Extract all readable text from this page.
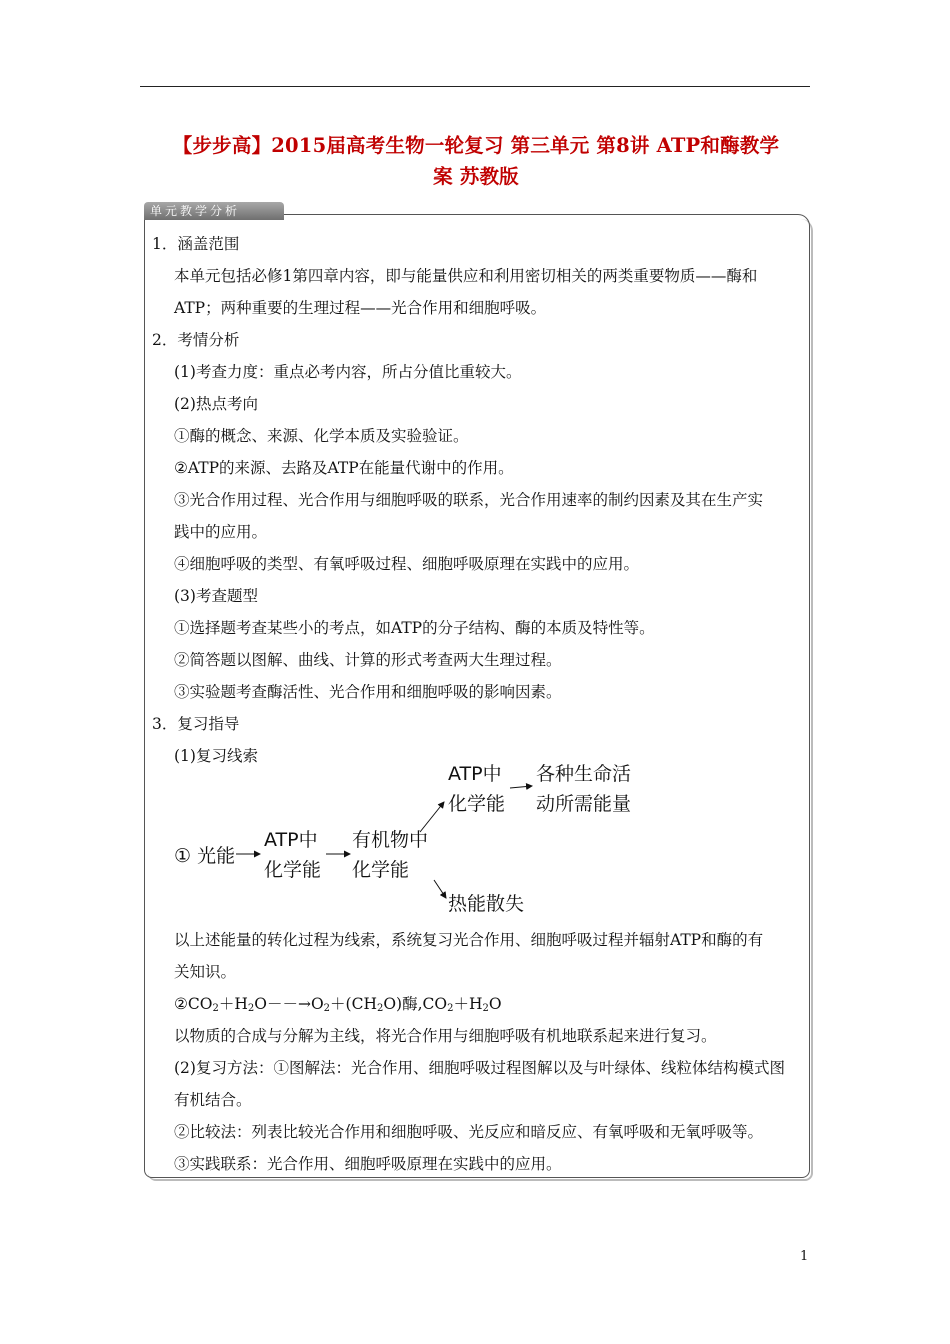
【步步高】2015届高考生物一轮复习 第三单元 第8讲 ATP和酶教学
案 苏教版
单元教学分析
1．涵盖范围
本单元包括必修1第四章内容，即与能量供应和利用密切相关的两类重要物质——酶和
ATP；两种重要的生理过程——光合作用和细胞呼吸。
2．考情分析
(1)考查力度：重点必考内容，所占分值比重较大。
(2)热点考向
①酶的概念、来源、化学本质及实验验证。
②ATP的来源、去路及ATP在能量代谢中的作用。
③光合作用过程、光合作用与细胞呼吸的联系，光合作用速率的制约因素及其在生产实
践中的应用。
④细胞呼吸的类型、有氧呼吸过程、细胞呼吸原理在实践中的应用。
(3)考查题型
①选择题考查某些小的考点，如ATP的分子结构、酶的本质及特性等。
②简答题以图解、曲线、计算的形式考查两大生理过程。
③实验题考查酶活性、光合作用和细胞呼吸的影响因素。
3．复习指导
(1)复习线索
① 光能
ATP中
化学能
有机物中
化学能
ATP中
化学能
各种生命活
动所需能量
热能散失
以上述能量的转化过程为线索，系统复习光合作用、细胞呼吸过程并辐射ATP和酶的有
关知识。
$②CO_2+H_2O--\to O_2+(CH_2O)$酶$,CO_2+H_2O$
以物质的合成与分解为主线，将光合作用与细胞呼吸有机地联系起来进行复习。
(2)复习方法：①图解法：光合作用、细胞呼吸过程图解以及与叶绿体、线粒体结构模式图
有机结合。
②比较法：列表比较光合作用和细胞呼吸、光反应和暗反应、有氧呼吸和无氧呼吸等。
③实践联系：光合作用、细胞呼吸原理在实践中的应用。
1
